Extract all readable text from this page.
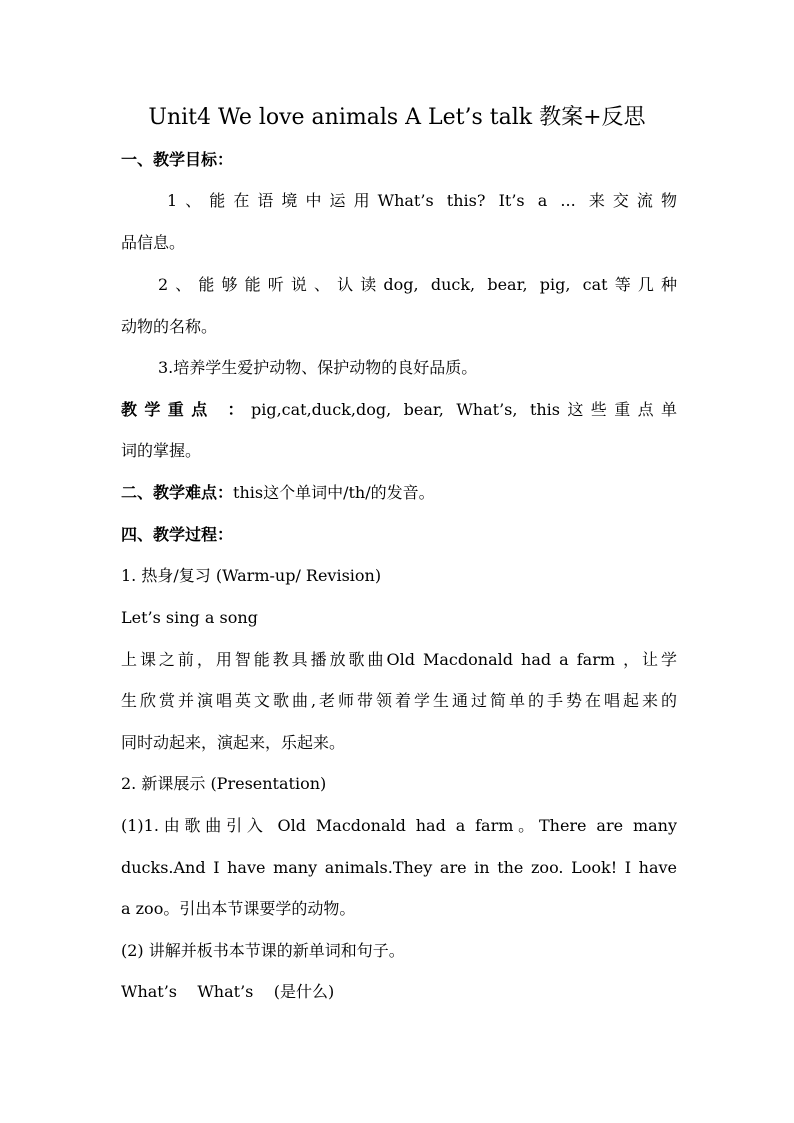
Unit4 We love animals A Let’s talk 教案+反思
一、教学目标：
1、能在语境中运用What’s this? It’s a ... 来交流物
品信息。
2、能够能听说、认读dog, duck, bear, pig, cat等几种
动物的名称。
3.培养学生爱护动物、保护动物的良好品质。
教学重点 ：pig,cat,duck,dog, bear, What’s, this这些重点单
词的掌握。
二、教学难点：this这个单词中/th/的发音。
四、教学过程：
1. 热身/复习 (Warm-up/ Revision)
Let’s sing a song
上课之前，用智能教具播放歌曲Old Macdonald had a farm ，让学
生欣赏并演唱英文歌曲,老师带领着学生通过简单的手势在唱起来的
同时动起来，演起来，乐起来。
2. 新课展示 (Presentation)
(1)1.由歌曲引入 Old Macdonald had a farm。There are many
ducks.And I have many animals.They are in the zoo. Look! I have
a zoo。引出本节课要学的动物。
(2) 讲解并板书本节课的新单词和句子。
What’s    What’s    (是什么)
